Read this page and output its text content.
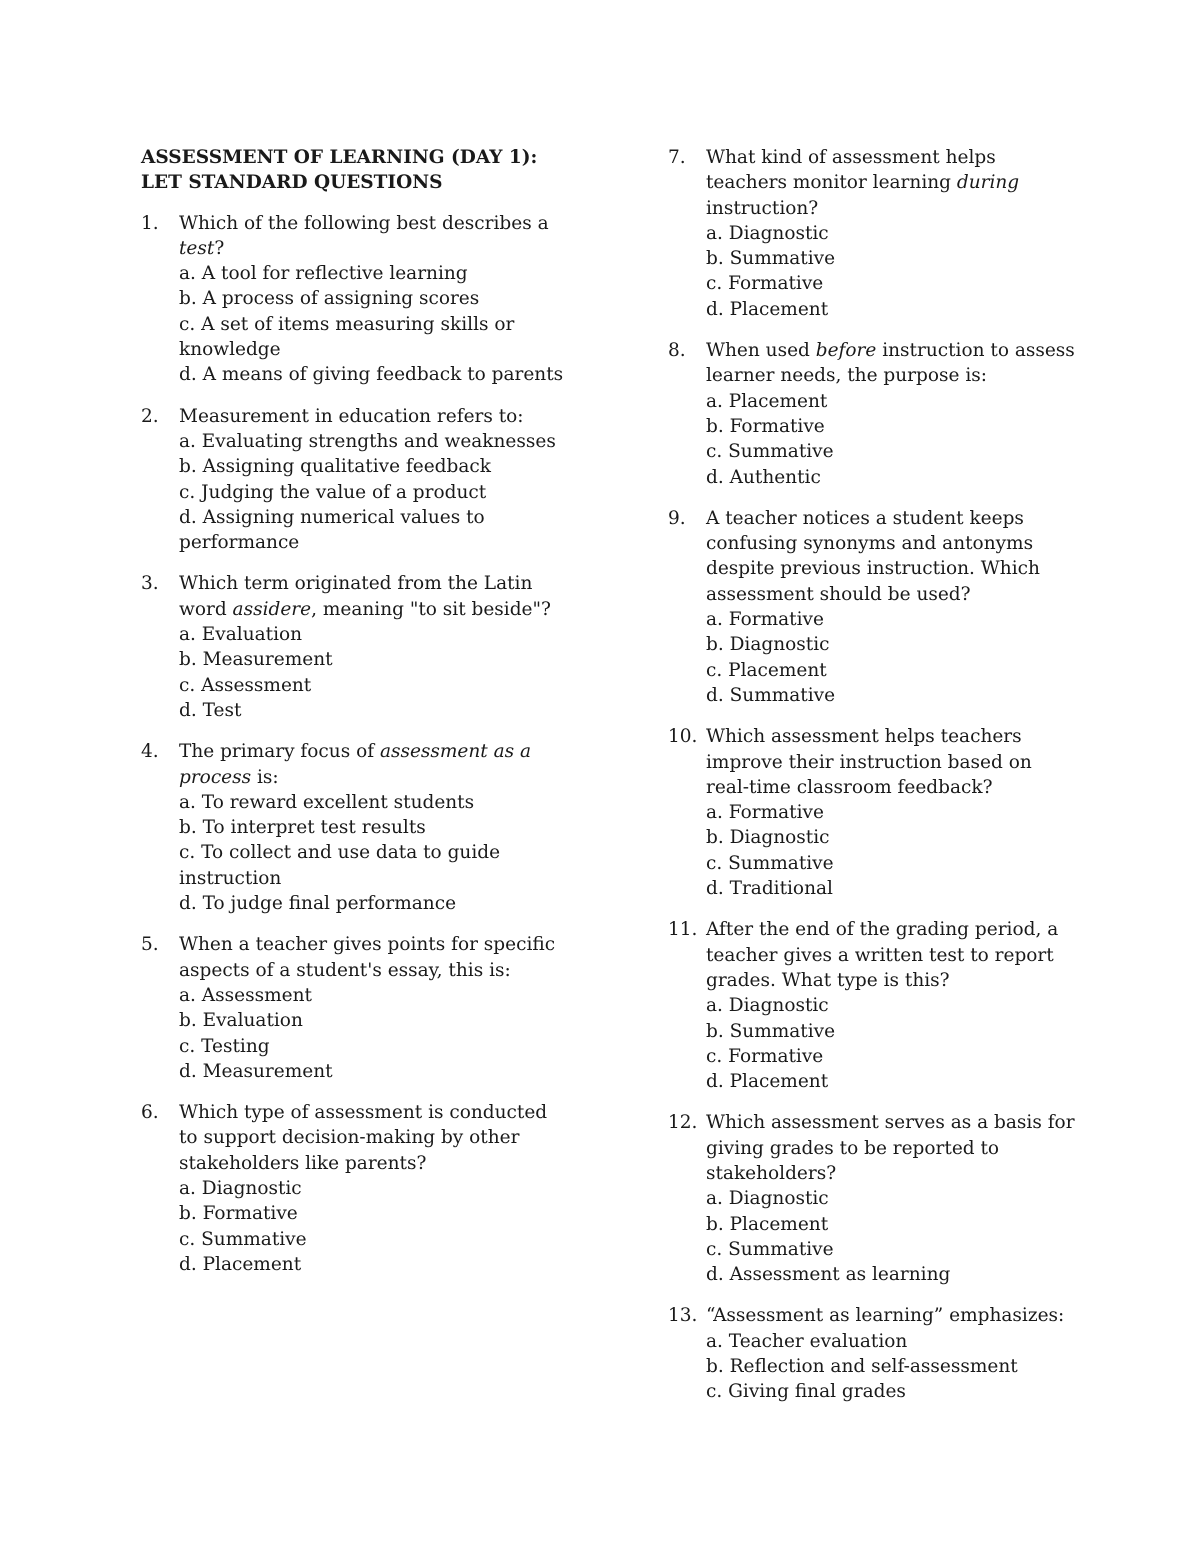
ASSESSMENT OF LEARNING (DAY 1): LET STANDARD QUESTIONS
1. Which of the following best describes a test?
a. A tool for reflective learning
b. A process of assigning scores
c. A set of items measuring skills or knowledge
d. A means of giving feedback to parents
2. Measurement in education refers to:
a. Evaluating strengths and weaknesses
b. Assigning qualitative feedback
c. Judging the value of a product
d. Assigning numerical values to performance
3. Which term originated from the Latin word assidere, meaning "to sit beside"?
a. Evaluation
b. Measurement
c. Assessment
d. Test
4. The primary focus of assessment as a process is:
a. To reward excellent students
b. To interpret test results
c. To collect and use data to guide instruction
d. To judge final performance
5. When a teacher gives points for specific aspects of a student's essay, this is:
a. Assessment
b. Evaluation
c. Testing
d. Measurement
6. Which type of assessment is conducted to support decision-making by other stakeholders like parents?
a. Diagnostic
b. Formative
c. Summative
d. Placement
7. What kind of assessment helps teachers monitor learning during instruction?
a. Diagnostic
b. Summative
c. Formative
d. Placement
8. When used before instruction to assess learner needs, the purpose is:
a. Placement
b. Formative
c. Summative
d. Authentic
9. A teacher notices a student keeps confusing synonyms and antonyms despite previous instruction. Which assessment should be used?
a. Formative
b. Diagnostic
c. Placement
d. Summative
10. Which assessment helps teachers improve their instruction based on real-time classroom feedback?
a. Formative
b. Diagnostic
c. Summative
d. Traditional
11. After the end of the grading period, a teacher gives a written test to report grades. What type is this?
a. Diagnostic
b. Summative
c. Formative
d. Placement
12. Which assessment serves as a basis for giving grades to be reported to stakeholders?
a. Diagnostic
b. Placement
c. Summative
d. Assessment as learning
13. “Assessment as learning” emphasizes:
a. Teacher evaluation
b. Reflection and self-assessment
c. Giving final grades
